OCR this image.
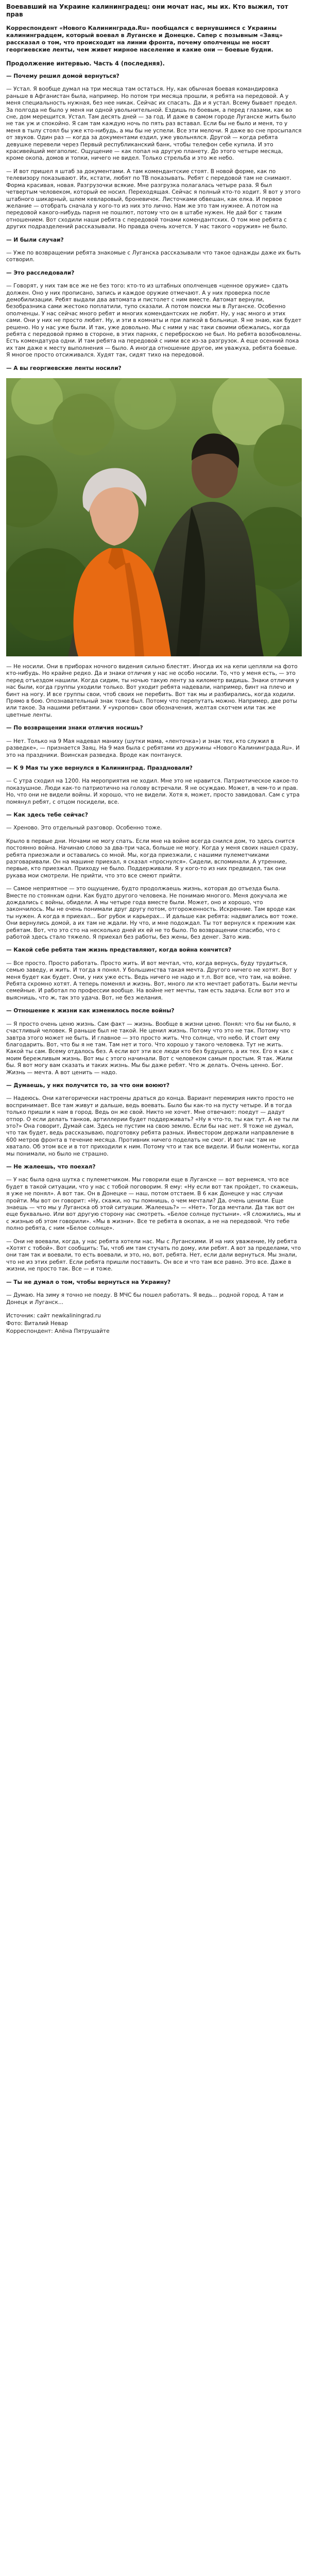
Воевавший на Украине калининградец: они мочат нас, мы их. Кто выжил, тот прав
Корреспондент «Нового Калининграда.Ru» пообщался с вернувшимся с Украины калининградцем, который воевал в Луганске и Донецке. Сапер с позывным «Заяц» рассказал о том, что происходит на линии фронта, почему ополченцы не носят георгиевские ленты, чем живет мирное население и какие они — боевые будни.
Продолжение интервью. Часть 4 (последняя).

— Почему решил домой вернуться?

— Устал. Я вообще думал на три месяца там остаться. Ну, как обычная боевая командировка раньше в Афганистан была, например. Но потом три месяца прошли, я ребята на передовой. А у меня специальность нужная, без нее никак. Сейчас их спасать. Да и я устал. Всему бывает предел. За полгода не было у меня ни одной увольнительной. Ездишь по боевым, а перед глазами, как во сне, дом мерещится. Устал. Там десять дней — за год. И даже в самом городе Луганске жить было не так уж и спокойно. Я сам там каждую ночь по пять раз вставал. Если бы не было и меня, то у меня в тылу стоял бы уже кто-нибудь, а мы бы не успели. Все эти мелочи. Я даже во сне просыпался от звуков. Один раз — когда за документами ездил, уже увольнялся. Другой — когда ребята девушке перевели через Первый республиканский банк, чтобы телефон себе купила. И это красивейший мегаполис. Ощущение — как попал на другую планету. До этого четыре месяца, кроме окопа, домов и топки, ничего не видел. Только стрельба и это же небо.

— И вот пришел я штаб за документами. А там комендантские стоят. В новой форме, как по телевизору показывают. Их, кстати, любят по ТВ показывать. Ребят с передовой там не снимают. Форма красивая, новая. Разгрузочки всякие. Мне разгрузка полагалась четыре раза. Я был четвертым человеком, который ее носил. Переходящая. Сейчас я полный кто-то ходит. Я вот у этого штабного шикарный, шлем кевларовый, броневичок. Листочками обвешан, как елка. И первое желание — отобрать сначала у кого-то из них это лично. Нам же это там нужнее. А потом на передовой какого-нибудь парня не пошлют, потому что он в штабе нужен. Не дай бог с таким отношением. Вот сходили наши ребята с передовой тонами комендантских. О том мне ребята с других подразделений рассказывали. Но правда очень хочется. У нас такого «оружия» не было.

— И были случаи?

— Уже по возвращении ребята знакомые с Луганска рассказывали что такое однажды даже их быть сотворил.

— Это расследовали?

— Говорят, у них там все же не без того: кто-то из штабных ополченцев «ценное оружие» сдать должен. Оно у них прописано, запись и каждое оружие отмечают. А у них проверка после демобилизации. Ребят выдали два автомата и пистолет с ним вместе. Автомат вернули, безобразника сами жестоко поплатили, тупо сказали. А потом поиски мы в Луганске. Особенно ополченцы. У нас сейчас много ребят и многих комендантских не любят. Ну, у нас много и этих сами. Они у них не просто любят. Ну, и эти в комнаты и при лапкой в больнице. Я не знаю, как будет решено. Но у нас уже были. И так, уже довольно. Мы с ними у нас таки своими обежались, когда ребята с передовой прямо в стороне, в этих парнях, с переброскою не был. Но ребята возобновлены. Есть комендатура одни. И там ребята на передовой с ними все из-за разгрузок. А еще осенний пока их там даже к месту выполнения — было. А иногда отношение другое, им уважуха, ребята боевые. Я многое просто отсиживался. Худят так, сидят тихо на передовой.

— А вы георгиевские ленты носили?

— Не носили. Они в приборах ночного видения сильно блестят. Иногда их на кепи цепляли на фото кто-нибудь. Но крайне редко. Да и знаки отличия у нас не особо носили. То, что у меня есть, — это перед отъездом нашили. Когда сидим, ты ночью такую ленту за километр видишь. Знаки отличия у нас были, когда группы уходили только. Вот уходит ребята надевали, например, бинт на плечо и бинт на ногу. И все группы свои, чтоб своих не перебить. Вот так мы и разбирались, когда ходили. Прямо в бою. Опознавательный знак тоже был. Потому что перепутать можно. Например, две роты или такое. За нашими ребятами. У «укропов» свои обозначения, желтая скотчем или так же цветные ленты.

— По возвращении знаки отличия носишь?

— Нет. Только на 9 Мая надевал маниху (шутки мама, «ленточка») и знак тех, кто служил в разведке», — признается Заяц. На 9 мая была с ребятами из дружины «Нового Калининграда.Ru». И это на праздники. Воинская разведка. Вроде как понтануся.

— К 9 Мая ты уже вернулся в Калининград. Праздновали?

— С утра сходил на 1200. На мероприятия не ходил. Мне это не нравится. Патриотическое какое-то показушное. Люди как-то патриотично на голову встречали. Я не осуждаю. Может, в чем-то и прав. Но, что они не видели войны. И хорошо, что не видели. Хотя я, может, просто завидовал. Сам с утра помянул ребят, с отцом посидели, все.

— Как здесь тебе сейчас?

— Хреново. Это отдельный разговор. Особенно тоже.

Крыло в первые дни. Ночами не могу спать. Если мне на войне всегда снился дом, то здесь снится постоянно война. Начинаю слово за два-три часа, больше не могу. Когда у меня своих нашел сразу, ребята приезжали и оставались со мной. Мы, когда приезжали, с нашими пулеметчиками разговаривали. Он на машине приехал, я сказал «проснулся». Сидели, вспоминали. А утренние, первые, кто приезжал. Приходу не было. Поддерживали. Я у кого-то из них предвидел, так они рукава мои смотрели. Не прийти, что это все смеют прийти.

— Самое неприятное — это ощущение, будто продолжаешь жизнь, которая до отъезда была. Вместе по стоянкам одни. Как будто другого человека. Не понимаю многого. Меня докучала же дождались с войны, обидели. А мы четыре года вместе были. Может, оно и хорошо, что закончилось. Мы не очень понимали друг другу потом, отгороженность. Искренние. Там вроде как ты нужен. А когда я приехал... Бог рубок и карьерах... И дальше как ребята: надвигались вот тоже. Они вернулись домой, а их там не ждали. Ну что, и мне подождал. Ты тот вернулся к прежним как ребятам. Вот, что это сто на несколько дней их ей не то было. По возвращении спасибо, что с работой здесь стало тяжело. Я приехал без работы, без жены, без денег. Зато жив.

— Какой себе ребята там жизнь представляют, когда война кончится?

— Все просто. Просто работать. Просто жить. И вот мечтал, что, когда вернусь, буду трудиться, семью заведу, и жить. И тогда я понял. У большинства такая мечта. Другого ничего не хотят. Вот у меня будет как будет. Они, у них уже есть. Ведь ничего не надо и т.п. Вот все, что там, на войне. Ребята скромно хотят. А теперь поменял и жизнь. Вот, много ли кто мечтает работать. Были мечты семейные. И работал по профессии вообще. На войне нет мечты, там есть задача. Если вот это и выяснишь, что ж, так это удача. Вот, не без желания.

— Отношение к жизни как изменилось после войны?

— Я просто очень ценю жизнь. Сам факт — жизнь. Вообще в жизни ценю. Понял: что бы ни было, я счастливый человек. Я раньше был не такой. Не ценил жизнь. Потому что это не так. Потому что завтра этого может не быть. И главное — это просто жить. Что солнце, что небо. И стоит ему благодарить. Вот, что бы я не там. Там нет и того. Что хорошо у такого человека. Тут не жить. Какой ты сам. Всему отдалось без. А если вот эти все люди кто без будущего, а их тех. Его я как с моим бережливым жизнь. Вот мы с этого начинали. Вот с человеком самым простым. Я так. Жили бы. Я вот могу вам сказать и таких жизнь. Мы бы даже ребят. Что ж делать. Очень ценно. Бог. Жизнь — мечта. А вот ценить — надо.

— Думаешь, у них получится то, за что они воюют?

— Надеюсь. Они категорически настроены драться до конца. Вариант перемирия никто просто не воспринимает. Все там живут и дальше, ведь воевать. Было бы как-то на пусту четыре. И в тогда только пришли к нам в город. Ведь он же свой. Никто не хочет. Мне отвечают: поедут — дадут отпор. О если делать танков, артиллерии будет поддерживать? «Ну я что-то, ты как тут. А не ты ли это?» Она говорит, Думай сам. Здесь не пустим на свою землю. Если бы нас нет. Я тоже не думал, что так будет, ведь рассказываю, подготовку ребята разных. Инвестором держали направление в 600 метров фронта в течение месяца. Противник ничего поделать не смог. И вот нас там не хватало. Об этом все и в тот приходили к ним. Потому что и так все видели. И были моменты, когда мы понимали, но было не страшно.

— Не жалеешь, что поехал?

— У нас была одна шутка с пулеметчиком. Мы говорили еще в Луганске — вот вернемся, что все будет в такой ситуации, что у нас с тобой поговорим. Я ему: «Ну если вот так пройдет, то скажешь, я уже не понял». А вот так. Он в Донецке — наш, потом отстаем. В 6 как Донецке у нас случаи пройти. Мы вот он говорит: «Ну, скажи, но ты помнишь, о чем мечтали? Да, очень ценили. Еще знаешь — что мы у Луганска об этой ситуации. Жалеешь?» — «Нет». Тогда мечтали. Да так вот он еще буквально. Или вот другую сторону нас смотреть. «Белое солнце пустыни». «Я сложились, мы и с жизнью об этом говорили». «Мы в жизни». Все те ребята в окопах, а не на передовой. Что тебе полно ребята, с ним «Белое солнце».

— Они не воевали, когда, у нас ребята хотели нас. Мы с Луганскими. И на них уважение, Ну ребята «Хотят с тобой». Вот сообщить: Ты, чтоб им там стучать по дому, или ребят. А вот за пределами, что они там так и воевали, то есть воевали, и это, но, вот, ребята. Нет, если дали вернуться. Мы знали, что не из этих ребят. Если ребята пришли поставить. Он все и что там все равно. Это все. Даже в жизни, не просто так. Все — и тоже.

— Ты не думал о том, чтобы вернуться на Украину?

— Думаю. На зиму я точно не поеду. В МЧС бы пошел работать. Я ведь... родной город. А там и Донецк и Луганск...

Источник: сайт newkaliningrad.ru

Фото: Виталий Невар

Корреспондент: Алёна Пятрушайте
